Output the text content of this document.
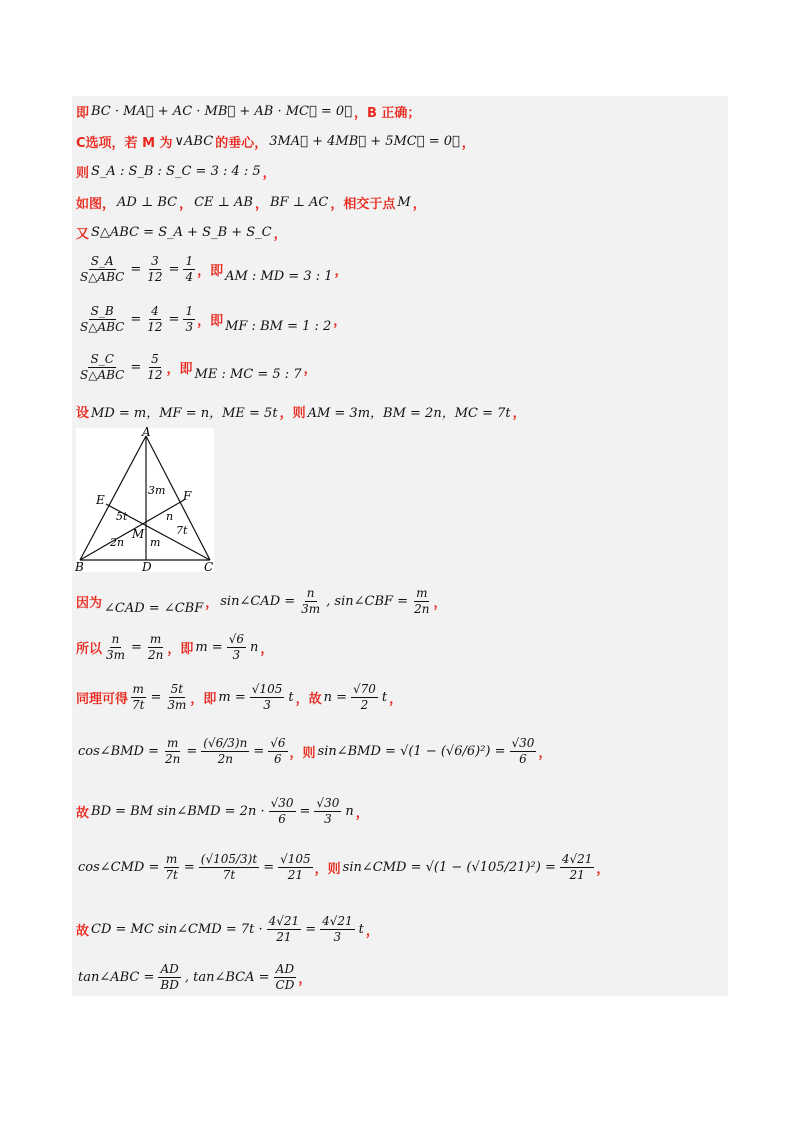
即 BC · MA⃗ + AC · MB⃗ + AB · MC⃗ = 0⃗ ，B 正确；
C选项，若 M 为 ∨ABC 的垂心， 3MA⃗ + 4MB⃗ + 5MC⃗ = 0⃗ ，
则 S_A : S_B : S_C = 3 : 4 : 5 ，
如图， AD ⊥ BC ， CE ⊥ AB ， BF ⊥ AC ，相交于点 M ，
又 S△ABC = S_A + S_B + S_C ，
$\frac{S\_A}{\text{S△ABC}} = \frac{3}{12} = \frac{1}{4}$ ，即 AM : MD = 3 : 1 ，
$\frac{S\_B}{\text{S△ABC}} = \frac{4}{12} = \frac{1}{3}$ ，即 MF : BM = 1 : 2 ，
$\frac{S\_C}{\text{S△ABC}} = \frac{5}{12}$ ，即 ME : MC = 5 : 7 ，
设 MD = m，MF = n，ME = 5t ，则 AM = 3m，BM = 2n，MC = 7t ，
A
B	C
D
E	F
M
3m
n
5t
7t
2n m
因为 ∠CAD = ∠CBF ， sin∠CAD = $\frac{n}{3m}$ , sin∠CBF = $\frac{m}{2n}$ ，
所以 $\frac{n}{3m} = \frac{m}{2n}$ ，即 $m = \frac{√6}{3}$ n ，
同理可得 $\frac{m}{7t} = \frac{5t}{3m}$ ，即 $m = \frac{√105}{3}$ t ，故 $n = \frac{√70}{2}$ t ，
cos∠BMD = $\frac{m}{2n} = \frac{(√6/3)n}{2n} = \frac{√6}{6}$ ，则 sin∠BMD = $√(1 - (√6/6)^2) = \frac{√30}{6}$ ，
故 BD = BM sin∠BMD = $2n \cdot \frac{√30}{6} = \frac{√30}{3}$ n ，
cos∠CMD = $\frac{m}{7t} = \frac{(√105/3)t}{7t} = \frac{√105}{21}$ ，则 sin∠CMD = $√(1 - (√105/21)^2) = \frac{4√21}{21}$ ，
故 CD = MC sin∠CMD = $7t \cdot \frac{4√21}{21} = \frac{4√21}{3}$ t ，
tan∠ABC = $\frac{AD}{BD}$ , tan∠BCA = $\frac{AD}{CD}$ ，
